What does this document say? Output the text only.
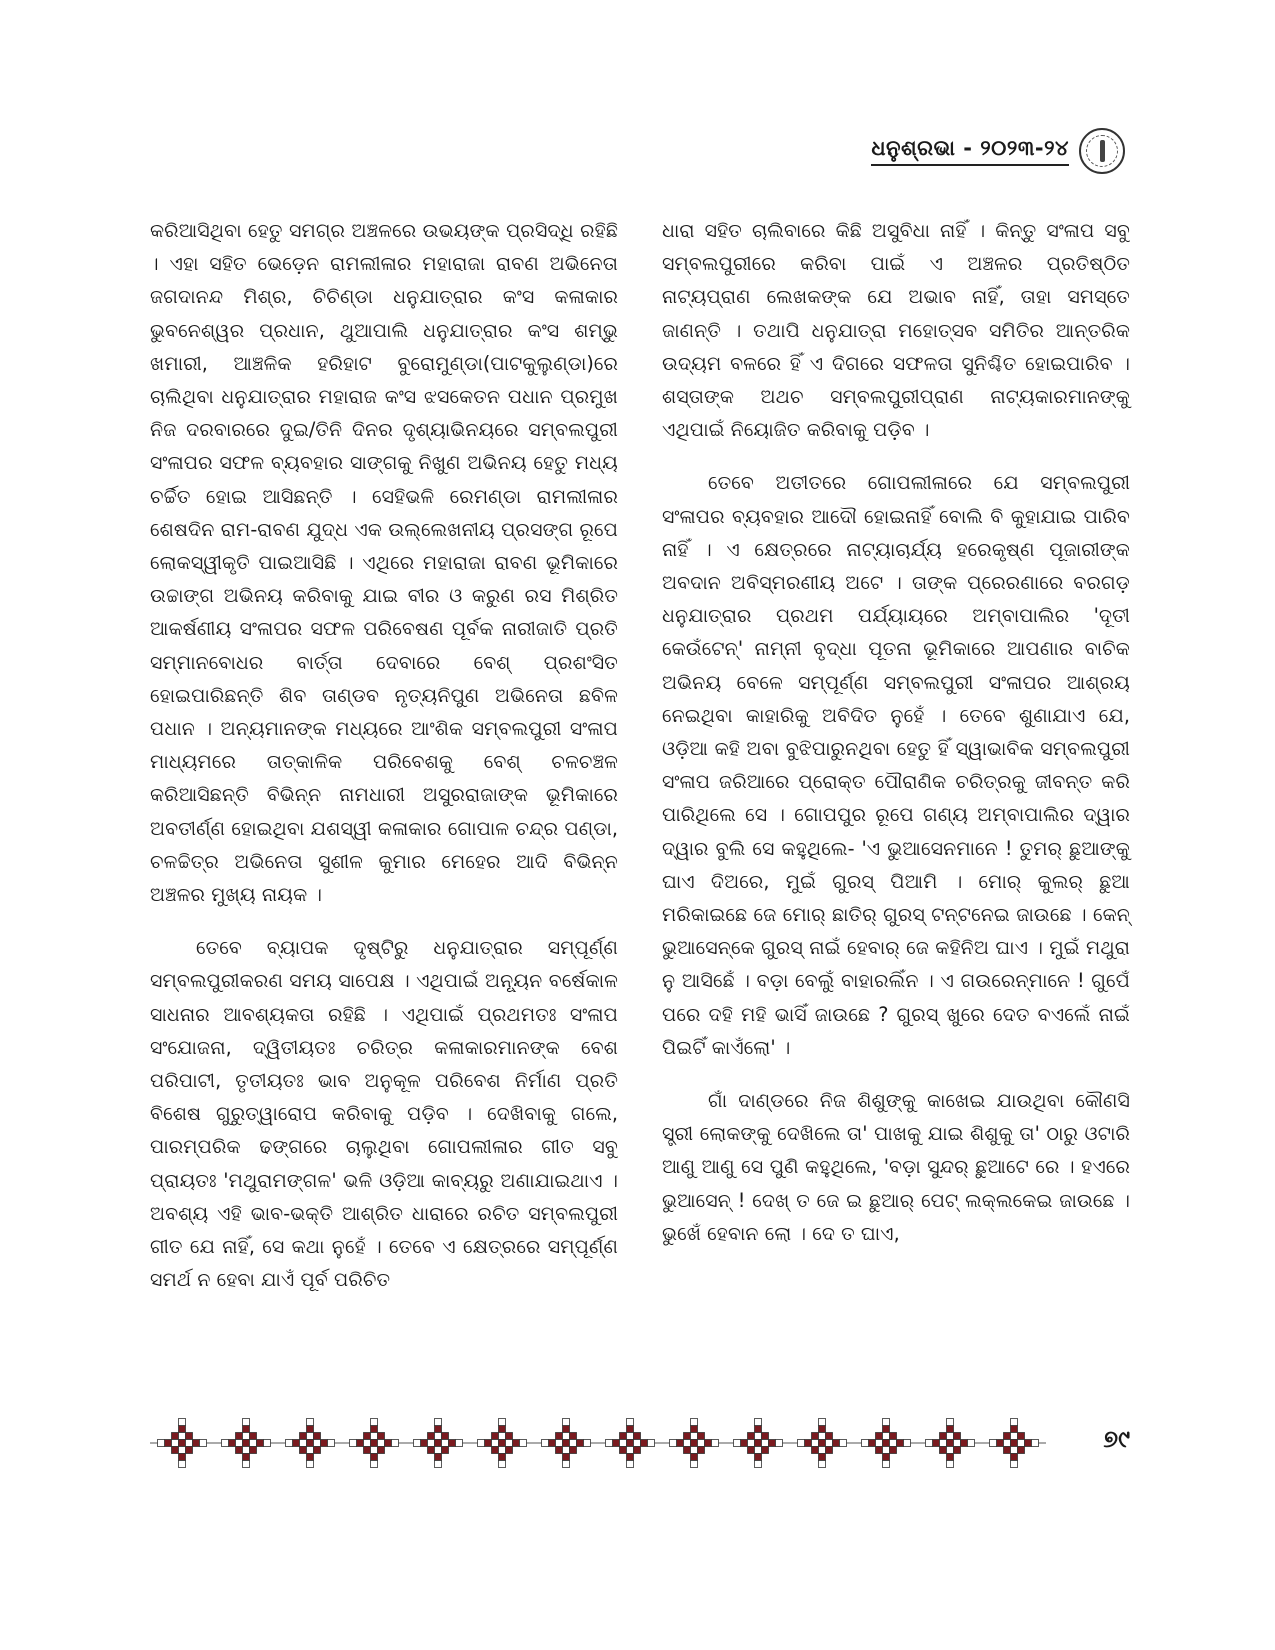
ଧନୁଶ୍ରଭା - ୨୦୨୩-୨୪

କରିଆସିଥିବା ହେତୁ ସମଗ୍ର ଅଞ୍ଚଳରେ ଉଭୟଙ୍କ ପ୍ରସିଦ୍ଧି ରହିଛି । ଏହା ସହିତ ଭେଡ଼େନ ରାମଲୀଳାର ମହାରାଜା ରାବଣ ଅଭିନେତା ଜଗଦାନନ୍ଦ ମିଶ୍ର, ଚିଚିଣ୍ଡା ଧନୁଯାତ୍ରାର କଂସ କଳାକାର ଭୁବନେଶ୍ୱର ପ୍ରଧାନ, ଥୁଆପାଲି ଧନୁଯାତ୍ରାର କଂସ ଶମ୍ଭୁ ଖମାରୀ, ଆଞ୍ଚଳିକ ହରିହାଟ ବୁରୋମୁଣ୍ଡା(ପାଟକୁଲୁଣ୍ଡା)ରେ ଚାଲିଥିବା ଧନୁଯାତ୍ରାର ମହାରାଜ କଂସ ଝସକେତନ ପଧାନ ପ୍ରମୁଖ ନିଜ ଦରବାରରେ ଦୁଇ/ତିନି ଦିନର ଦୃଶ୍ୟାଭିନୟରେ ସମ୍ବଲପୁରୀ ସଂଳାପର ସଫଳ ବ୍ୟବହାର ସାଙ୍ଗକୁ ନିଖୁଣ ଅଭିନୟ ହେତୁ ମଧ୍ୟ ଚର୍ଚ୍ଚିତ ହୋଇ ଆସିଛନ୍ତି । ସେହିଭଳି ରେମଣ୍ଡା ରାମଲୀଳାର ଶେଷଦିନ ରାମ-ରାବଣ ଯୁଦ୍ଧ ଏକ ଉଲ୍ଲେଖନୀୟ ପ୍ରସଙ୍ଗ ରୂପେ ଲୋକସ୍ୱୀକୃତି ପାଇଆସିଛି । ଏଥିରେ ମହାରାଜା ରାବଣ ଭୂମିକାରେ ଉଚ୍ଚାଙ୍ଗ ଅଭିନୟ କରିବାକୁ ଯାଇ ବୀର ଓ କରୁଣ ରସ ମିଶ୍ରିତ ଆକର୍ଷଣୀୟ ସଂଳାପର ସଫଳ ପରିବେଷଣ ପୂର୍ବକ ନାରୀଜାତି ପ୍ରତି ସମ୍ମାନବୋଧର ବାର୍ତ୍ତା ଦେବାରେ ବେଶ୍ ପ୍ରଶଂସିତ ହୋଇପାରିଛନ୍ତି ଶିବ ତାଣ୍ଡବ ନୃତ୍ୟନିପୁଣ ଅଭିନେତା ଛବିଳ ପଧାନ । ଅନ୍ୟମାନଙ୍କ ମଧ୍ୟରେ ଆଂଶିକ ସମ୍ବଲପୁରୀ ସଂଳାପ ମାଧ୍ୟମରେ ତାତ୍କାଳିକ ପରିବେଶକୁ ବେଶ୍ ଚଳଚଞ୍ଚଳ କରିଆସିଛନ୍ତି ବିଭିନ୍ନ ନାମଧାରୀ ଅସୁରରାଜାଙ୍କ ଭୂମିକାରେ ଅବତୀର୍ଣ୍ଣ ହୋଇଥିବା ଯଶସ୍ୱୀ କଳାକାର ଗୋପାଳ ଚନ୍ଦ୍ର ପଣ୍ଡା, ଚଳଚ୍ଚିତ୍ର ଅଭିନେତା ସୁଶୀଳ କୁମାର ମେହେର ଆଦି ବିଭିନ୍ନ ଅଞ୍ଚଳର ମୁଖ୍ୟ ନାୟକ ।

ତେବେ ବ୍ୟାପକ ଦୃଷ୍ଟିରୁ ଧନୁଯାତ୍ରାର ସମ୍ପୂର୍ଣ୍ଣ ସମ୍ବଲପୁରୀକରଣ ସମୟ ସାପେକ୍ଷ । ଏଥିପାଇଁ ଅନ୍ୟୂନ ବର୍ଷେକାଳ ସାଧନାର ଆବଶ୍ୟକତା ରହିଛି । ଏଥିପାଇଁ ପ୍ରଥମତଃ ସଂଳାପ ସଂଯୋଜନା, ଦ୍ୱିତୀୟତଃ ଚରିତ୍ର କଳାକାରମାନଙ୍କ ବେଶ ପରିପାଟୀ, ତୃତୀୟତଃ ଭାବ ଅନୁକୂଳ ପରିବେଶ ନିର୍ମାଣ ପ୍ରତି ବିଶେଷ ଗୁରୁତ୍ୱାରୋପ କରିବାକୁ ପଡ଼ିବ । ଦେଖିବାକୁ ଗଲେ, ପାରମ୍ପରିକ ଢଙ୍ଗରେ ଚାଲୁଥିବା ଗୋପଲୀଳାର ଗୀତ ସବୁ ପ୍ରାୟତଃ 'ମଥୁରାମଙ୍ଗଳ' ଭଳି ଓଡ଼ିଆ କାବ୍ୟରୁ ଅଣାଯାଇଥାଏ । ଅବଶ୍ୟ ଏହି ଭାବ-ଭକ୍ତି ଆଶ୍ରିତ ଧାରାରେ ରଚିତ ସମ୍ବଲପୁରୀ ଗୀତ ଯେ ନାହିଁ, ସେ କଥା ନୁହେଁ । ତେବେ ଏ କ୍ଷେତ୍ରରେ ସମ୍ପୂର୍ଣ୍ଣ ସମର୍ଥ ନ ହେବା ଯାଏଁ ପୂର୍ବ ପରିଚିତ

ଧାରା ସହିତ ଚାଲିବାରେ କିଛି ଅସୁବିଧା ନାହିଁ । କିନ୍ତୁ ସଂଳାପ ସବୁ ସମ୍ବଲପୁରୀରେ କରିବା ପାଇଁ ଏ ଅଞ୍ଚଳର ପ୍ରତିଷ୍ଠିତ ନାଟ୍ୟପ୍ରାଣ ଲେଖକଙ୍କ ଯେ ଅଭାବ ନାହିଁ, ତାହା ସମସ୍ତେ ଜାଣନ୍ତି । ତଥାପି ଧନୁଯାତ୍ରା ମହୋତ୍ସବ ସମିତିର ଆନ୍ତରିକ ଉଦ୍ୟମ ବଳରେ ହିଁ ଏ ଦିଗରେ ସଫଳତା ସୁନିଶ୍ଚିତ ହୋଇପାରିବ । ଶସ୍ତାଙ୍କ ଅଥଚ ସମ୍ବଲପୁରୀପ୍ରାଣ ନାଟ୍ୟକାରମାନଙ୍କୁ ଏଥିପାଇଁ ନିୟୋଜିତ କରିବାକୁ ପଡ଼ିବ ।

ତେବେ ଅତୀତରେ ଗୋପଲୀଳାରେ ଯେ ସମ୍ବଲପୁରୀ ସଂଳାପର ବ୍ୟବହାର ଆଦୌ ହୋଇନାହିଁ ବୋଲି ବି କୁହାଯାଇ ପାରିବ ନାହିଁ । ଏ କ୍ଷେତ୍ରରେ ନାଟ୍ୟାଚାର୍ଯ୍ୟ ହରେକୃଷ୍ଣ ପୂଜାରୀଙ୍କ ଅବଦାନ ଅବିସ୍ମରଣୀୟ ଅଟେ । ତାଙ୍କ ପ୍ରେରଣାରେ ବରଗଡ଼ ଧନୁଯାତ୍ରାର ପ୍ରଥମ ପର୍ଯ୍ୟାୟରେ ଅମ୍ବାପାଲିର 'ଦୂତୀ କେଉଁଟେନ୍' ନାମ୍ନୀ ବୃଦ୍ଧା ପୂତନା ଭୂମିକାରେ ଆପଣାର ବାଚିକ ଅଭିନୟ ବେଳେ ସମ୍ପୂର୍ଣ୍ଣ ସମ୍ବଲପୁରୀ ସଂଳାପର ଆଶ୍ରୟ ନେଇଥିବା କାହାରିକୁ ଅବିଦିତ ନୁହେଁ । ତେବେ ଶୁଣାଯାଏ ଯେ, ଓଡ଼ିଆ କହି ଅବା ବୁଝିପାରୁନଥିବା ହେତୁ ହିଁ ସ୍ୱାଭାବିକ ସମ୍ବଲପୁରୀ ସଂଳାପ ଜରିଆରେ ପ୍ରୋକ୍ତ ପୌରାଣିକ ଚରିତ୍ରକୁ ଜୀବନ୍ତ କରି ପାରିଥିଲେ ସେ । ଗୋପପୁର ରୂପେ ଗଣ୍ୟ ଅମ୍ବାପାଲିର ଦ୍ୱାର ଦ୍ୱାର ବୁଲି ସେ କହୁଥିଲେ- 'ଏ ଭୁଆସେନମାନେ ! ତୁମର୍ ଛୁଆଙ୍କୁ ଘାଏ ଦିଅରେ, ମୁଇଁ ଗୁରସ୍ ପିଆମି । ମୋର୍ କୁଲର୍ ଛୁଆ ମରିକାଇଛେ ଜେ ମୋର୍ ଛାତିର୍ ଗୁରସ୍ ଟନ୍‌ଟନେଇ ଜାଉଛେ । କେନ୍ ଭୁଆସେନ୍‌କେ ଗୁରସ୍ ନାଇଁ ହେବାର୍ ଜେ କହିନିଅ ଘାଏ । ମୁଇଁ ମଥୁରା ନୁ ଆସିଛେଁ । ବଡ଼ା ବେଲୁଁ ବାହାରଲିଁନ । ଏ ଗଉରେନ୍‌ମାନେ ! ଗୁପେଁ ପରେ ଦହି ମହି ଭାସିଁ ଜାଉଛେ ? ଗୁରସ୍ ଖୁରେ ଦେତ ବଏଲେଁ ନାଇଁ ପିଇଟିଁ କାଏଁଲୋ' ।

ଗାଁ ଦାଣ୍ଡରେ ନିଜ ଶିଶୁଙ୍କୁ କାଖେଇ ଯାଉଥିବା କୌଣସି ସ୍ତ୍ରୀ ଲୋକଙ୍କୁ ଦେଖିଲେ ତା' ପାଖକୁ ଯାଇ ଶିଶୁକୁ ତା' ଠାରୁ ଓଟାରି ଆଣୁ ଆଣୁ ସେ ପୁଣି କହୁଥିଲେ, 'ବଡ଼ା ସୁନ୍ଦର୍ ଛୁଆଟେ ରେ । ହଏରେ ଭୁଆସେନ୍ ! ଦେଖ୍ ତ ଜେ ଇ ଛୁଆର୍ ପେଟ୍ ଲକ୍‌ଲକେଇ ଜାଉଛେ । ଭୁଖେଁ ହେବାନ ଲୋ । ଦେ ତ ଘାଏ,

୭୯
